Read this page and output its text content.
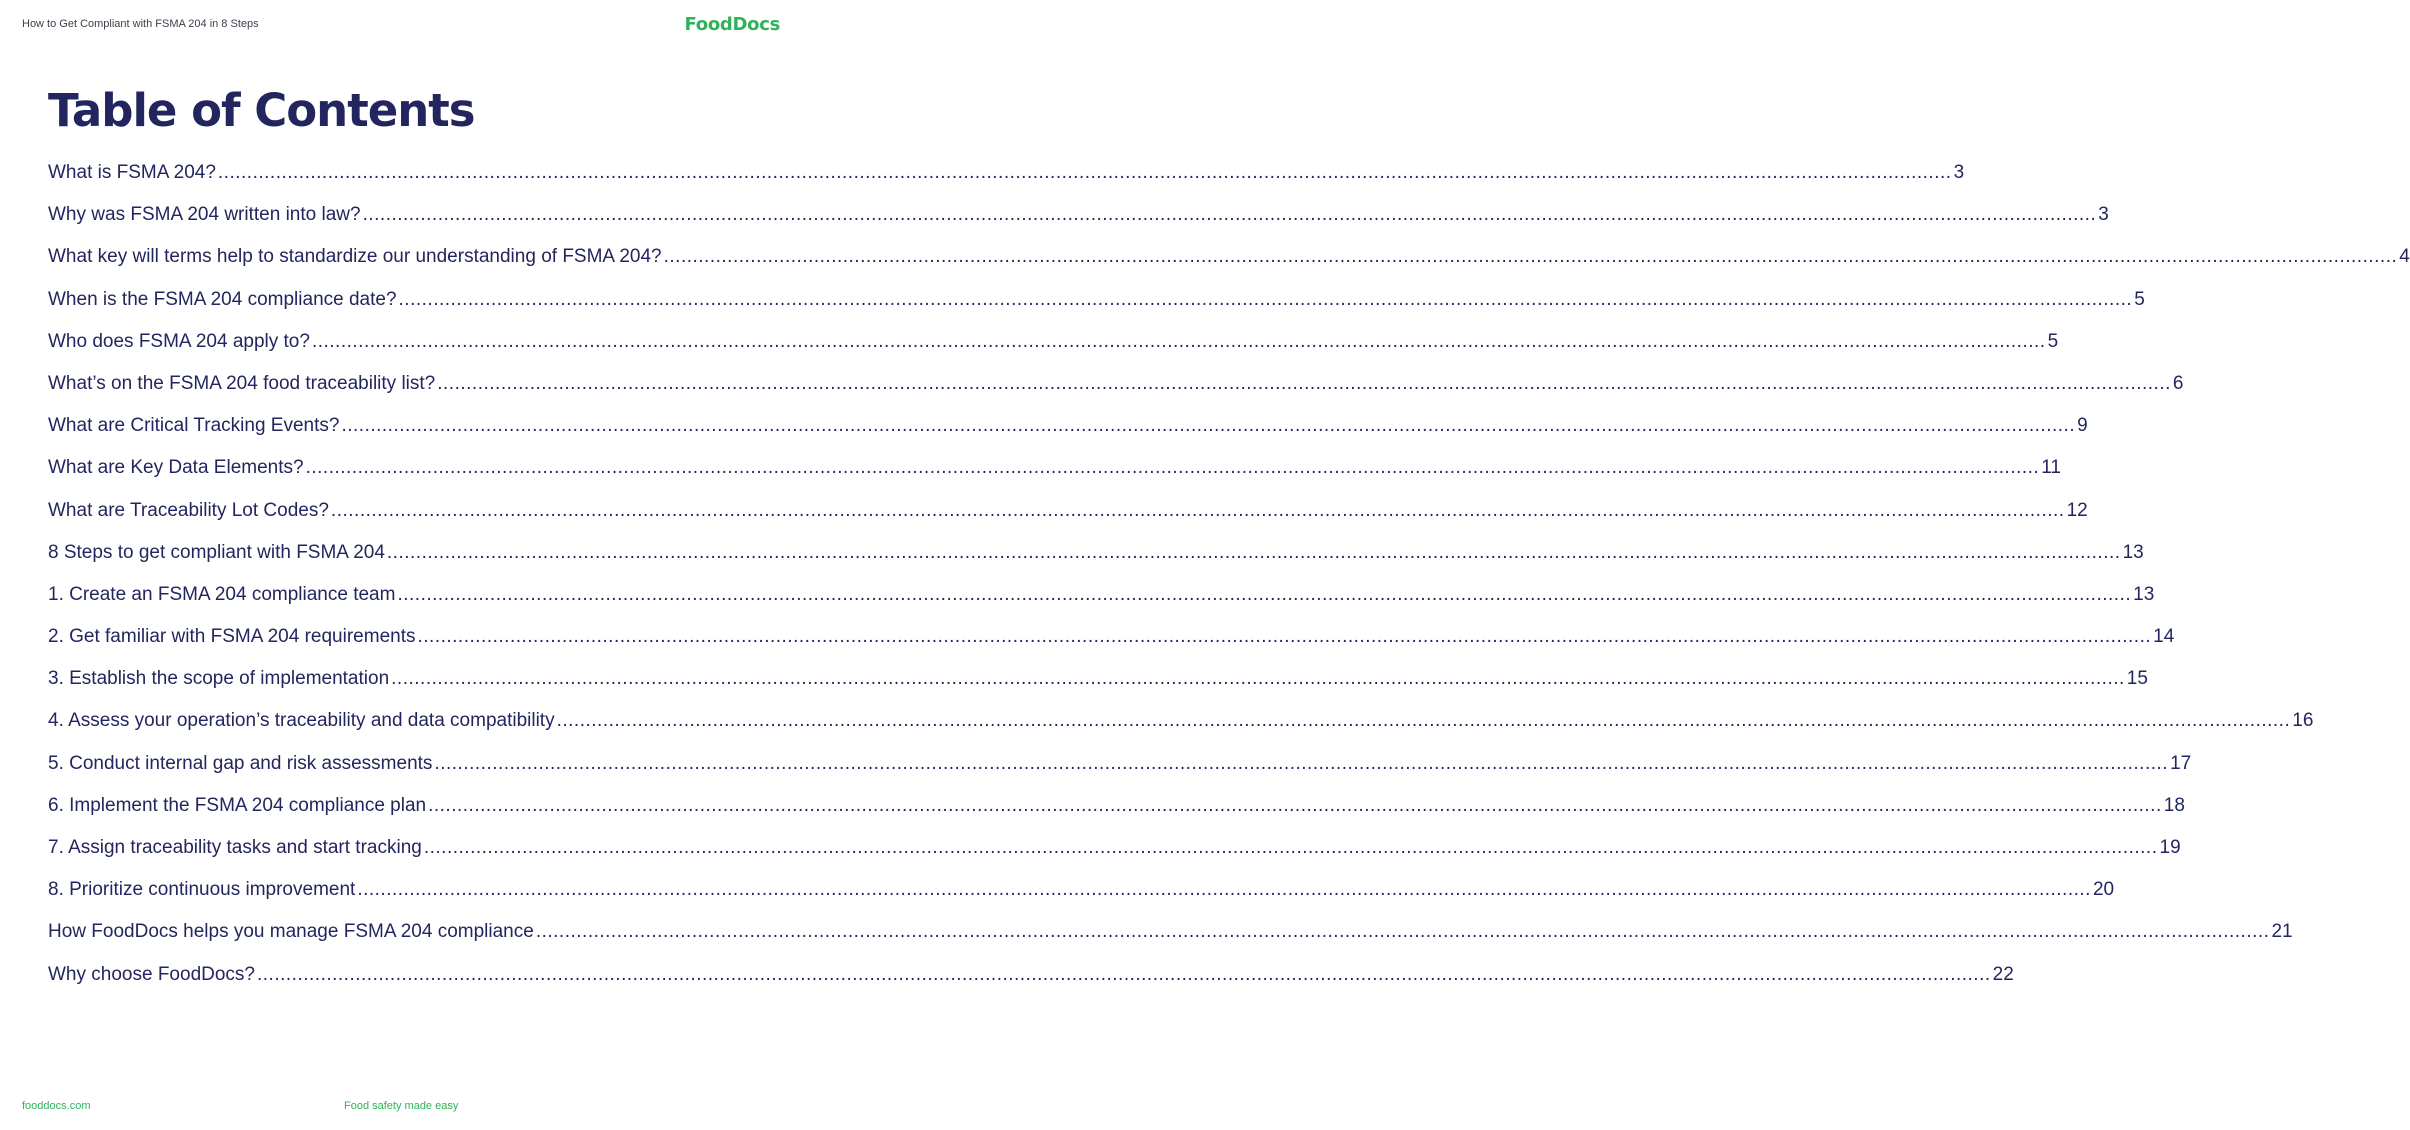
How to Get Compliant with FSMA 204 in 8 Steps	FoodDocs
Table of Contents
What is FSMA 204? ............................................................................................................................................................................................................................................................................................................ 3
Why was FSMA 204 written into law? ............................................................................................................................................................................................................................................................................................................ 3
What key will terms help to standardize our understanding of FSMA 204? ............................................................................................................................................................................................................................................................................................................ 4
When is the FSMA 204 compliance date? ............................................................................................................................................................................................................................................................................................................ 5
Who does FSMA 204 apply to? ............................................................................................................................................................................................................................................................................................................ 5
What’s on the FSMA 204 food traceability list? ............................................................................................................................................................................................................................................................................................................ 6
What are Critical Tracking Events? ............................................................................................................................................................................................................................................................................................................ 9
What are Key Data Elements? ............................................................................................................................................................................................................................................................................................................ 11
What are Traceability Lot Codes? ............................................................................................................................................................................................................................................................................................................ 12
8 Steps to get compliant with FSMA 204 ............................................................................................................................................................................................................................................................................................................ 13
1. Create an FSMA 204 compliance team ............................................................................................................................................................................................................................................................................................................ 13
2. Get familiar with FSMA 204 requirements ............................................................................................................................................................................................................................................................................................................ 14
3. Establish the scope of implementation ............................................................................................................................................................................................................................................................................................................ 15
4. Assess your operation’s traceability and data compatibility ............................................................................................................................................................................................................................................................................................................ 16
5. Conduct internal gap and risk assessments ............................................................................................................................................................................................................................................................................................................ 17
6. Implement the FSMA 204 compliance plan ............................................................................................................................................................................................................................................................................................................ 18
7. Assign traceability tasks and start tracking ............................................................................................................................................................................................................................................................................................................ 19
8. Prioritize continuous improvement ............................................................................................................................................................................................................................................................................................................ 20
How FoodDocs helps you manage FSMA 204 compliance ............................................................................................................................................................................................................................................................................................................ 21
Why choose FoodDocs? ............................................................................................................................................................................................................................................................................................................ 22
fooddocs.com	Food safety made easy
